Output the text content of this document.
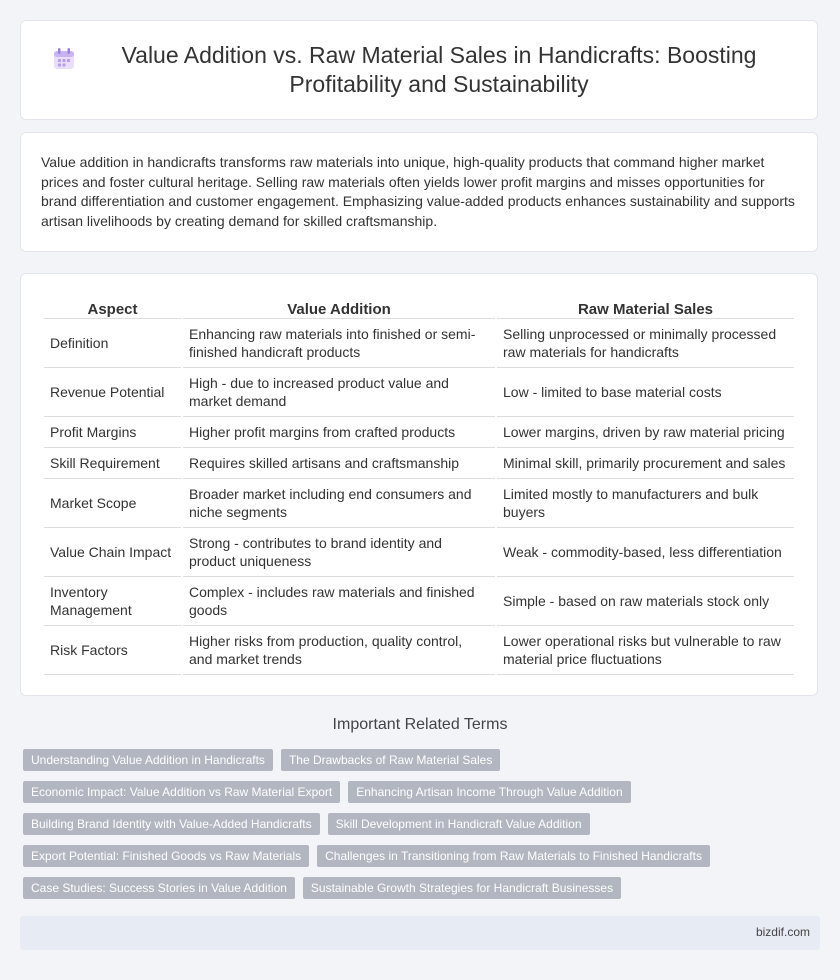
Value Addition vs. Raw Material Sales in Handicrafts: Boosting Profitability and Sustainability

Value addition in handicrafts transforms raw materials into unique, high-quality products that command higher market prices and foster cultural heritage. Selling raw materials often yields lower profit margins and misses opportunities for brand differentiation and customer engagement. Emphasizing value-added products enhances sustainability and supports artisan livelihoods by creating demand for skilled craftsmanship.

Aspect	Value Addition	Raw Material Sales
Definition	Enhancing raw materials into finished or semi-finished handicraft products	Selling unprocessed or minimally processed raw materials for handicrafts
Revenue Potential	High - due to increased product value and market demand	Low - limited to base material costs
Profit Margins	Higher profit margins from crafted products	Lower margins, driven by raw material pricing
Skill Requirement	Requires skilled artisans and craftsmanship	Minimal skill, primarily procurement and sales
Market Scope	Broader market including end consumers and niche segments	Limited mostly to manufacturers and bulk buyers
Value Chain Impact	Strong - contributes to brand identity and product uniqueness	Weak - commodity-based, less differentiation
Inventory Management	Complex - includes raw materials and finished goods	Simple - based on raw materials stock only
Risk Factors	Higher risks from production, quality control, and market trends	Lower operational risks but vulnerable to raw material price fluctuations
Important Related Terms
Understanding Value Addition in Handicrafts	The Drawbacks of Raw Material Sales
Economic Impact: Value Addition vs Raw Material Export	Enhancing Artisan Income Through Value Addition
Building Brand Identity with Value-Added Handicrafts	Skill Development in Handicraft Value Addition
Export Potential: Finished Goods vs Raw Materials	Challenges in Transitioning from Raw Materials to Finished Handicrafts
Case Studies: Success Stories in Value Addition	Sustainable Growth Strategies for Handicraft Businesses
bizdif.com
